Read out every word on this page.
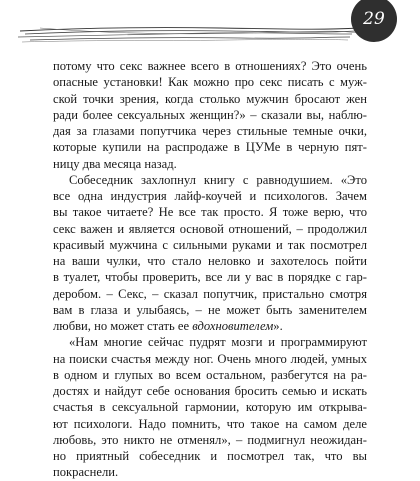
29
потому что секс важнее всего в отношениях? Это очень
опасные установки! Как можно про секс писать с муж-
ской точки зрения, когда столько мужчин бросают жен
ради более сексуальных женщин?» – сказали вы, наблю-
дая за глазами попутчика через стильные темные очки,
которые купили на распродаже в ЦУМе в черную пят-
ницу два месяца назад.
Собеседник захлопнул книгу с равнодушием. «Это
все одна индустрия лайф-коучей и психологов. Зачем
вы такое читаете? Не все так просто. Я тоже верю, что
секс важен и является основой отношений, – продолжил
красивый мужчина с сильными руками и так посмотрел
на ваши чулки, что стало неловко и захотелось пойти
в туалет, чтобы проверить, все ли у вас в порядке с гар-
деробом. – Секс, – сказал попутчик, пристально смотря
вам в глаза и улыбаясь, – не может быть заменителем
любви, но может стать ее вдохновителем».
«Нам многие сейчас пудрят мозги и программируют
на поиски счастья между ног. Очень много людей, умных
в одном и глупых во всем остальном, разбегутся на ра-
достях и найдут себе основания бросить семью и искать
счастья в сексуальной гармонии, которую им открыва-
ют психологи. Надо помнить, что такое на самом деле
любовь, это никто не отменял», – подмигнул неожидан-
но приятный собеседник и посмотрел так, что вы
покраснели.
